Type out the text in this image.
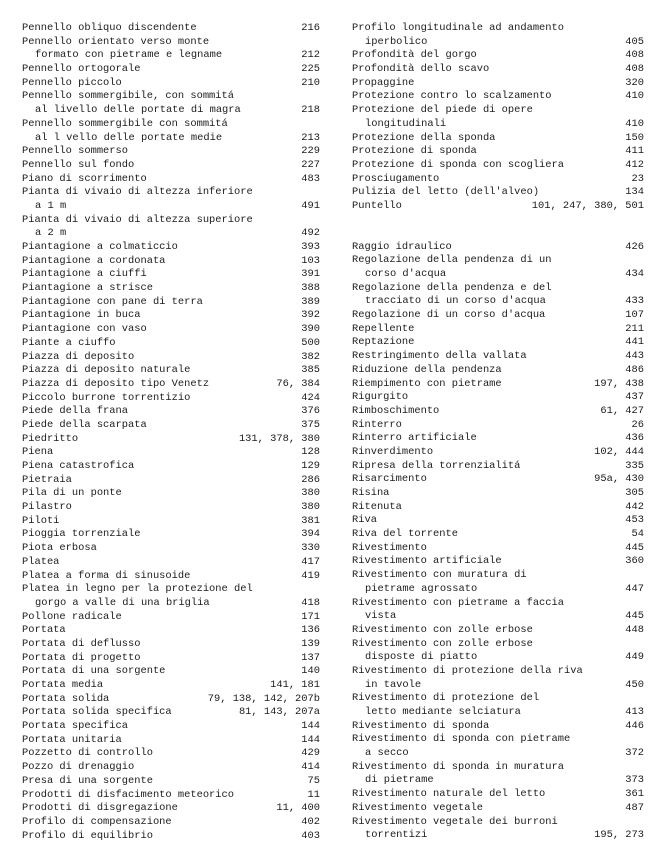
Pennello obliquo discendente	216
Pennello orientato verso monte
formato con pietrame e legname	212
Pennello ortogorale	225
Pennello piccolo	210
Pennello sommergibile, con sommitá
al livello delle portate di magra	218
Pennello sommergibile con sommitá
al l vello delle portate medie	213
Pennello sommerso	229
Pennello sul fondo	227
Piano di scorrimento	483
Pianta di vivaio di altezza inferiore
a 1 m	491
Pianta di vivaio di altezza superiore
a 2 m	492
Piantagione a colmaticcio	393
Piantagione a cordonata	103
Piantagione a ciuffi	391
Piantagione a strisce	388
Piantagione con pane di terra	389
Piantagione in buca	392
Piantagione con vaso	390
Piante a ciuffo	500
Piazza di deposito	382
Piazza di deposito naturale	385
Piazza di deposito tipo Venetz	76, 384
Piccolo burrone torrentizio	424
Piede della frana	376
Piede della scarpata	375
Piedritto	131, 378, 380
Piena	128
Piena catastrofica	129
Pietraia	286
Pila di un ponte	380
Pilastro	380
Piloti	381
Pioggia torrenziale	394
Piota erbosa	330
Platea	417
Platea a forma di sinusoide	419
Platea in legno per la protezione del
gorgo a valle di una briglia	418
Pollone radicale	171
Portata	136
Portata di deflusso	139
Portata di progetto	137
Portata di una sorgente	140
Portata media	141, 181
Portata solida	79, 138, 142, 207b
Portata solida specifica	81, 143, 207a
Portata specifica	144
Portata unitaria	144
Pozzetto di controllo	429
Pozzo di drenaggio	414
Presa di una sorgente	75
Prodotti di disfacimento meteorico	11
Prodotti di disgregazione	11, 400
Profilo di compensazione	402
Profilo di equilibrio	403
Profilo longitudinale ad andamento
iperbolico	405
Profondità del gorgo	408
Profondità dello scavo	408
Propaggine	320
Protezione contro lo scalzamento	410
Protezione del piede di opere
longitudinali	410
Protezione della sponda	150
Protezione di sponda	411
Protezione di sponda con scogliera	412
Prosciugamento	23
Pulizia del letto (dell'alveo)	134
Puntello	101, 247, 380, 501
Raggio idraulico	426
Regolazione della pendenza di un
corso d'acqua	434
Regolazione della pendenza e del
tracciato di un corso d'acqua	433
Regolazione di un corso d'acqua	107
Repellente	211
Reptazione	441
Restringimento della vallata	443
Riduzione della pendenza	486
Riempimento con pietrame	197, 438
Rigurgito	437
Rimboschimento	61, 427
Rinterro	26
Rinterro artificiale	436
Rinverdimento	102, 444
Ripresa della torrenzialitá	335
Risarcimento	95a, 430
Risina	305
Ritenuta	442
Riva	453
Riva del torrente	54
Rivestimento	445
Rivestimento artificiale	360
Rivestimento con muratura di
pietrame agrossato	447
Rivestimento con pietrame a faccia
vista	445
Rivestimento con zolle erbose	448
Rivestimento con zolle erbose
disposte di piatto	449
Rivestimento di protezione della riva
in tavole	450
Rivestimento di protezione del
letto mediante selciatura	413
Rivestimento di sponda	446
Rivestimento di sponda con pietrame
a secco	372
Rivestimento di sponda in muratura
di pietrame	373
Rivestimento naturale del letto	361
Rivestimento vegetale	487
Rivestimento vegetale dei burroni
torrentizi	195, 273
